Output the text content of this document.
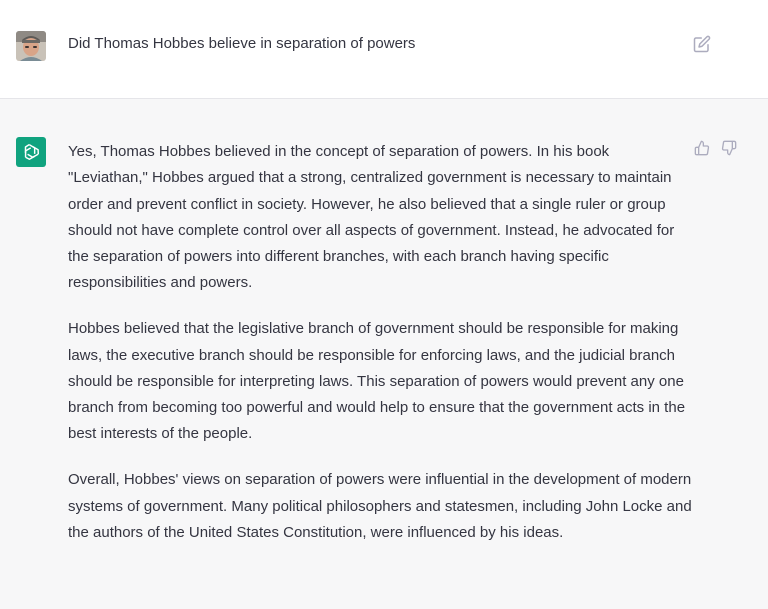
Did Thomas Hobbes believe in separation of powers

Yes, Thomas Hobbes believed in the concept of separation of powers. In his book "Leviathan," Hobbes argued that a strong, centralized government is necessary to maintain order and prevent conflict in society. However, he also believed that a single ruler or group should not have complete control over all aspects of government. Instead, he advocated for the separation of powers into different branches, with each branch having specific responsibilities and powers.

Hobbes believed that the legislative branch of government should be responsible for making laws, the executive branch should be responsible for enforcing laws, and the judicial branch should be responsible for interpreting laws. This separation of powers would prevent any one branch from becoming too powerful and would help to ensure that the government acts in the best interests of the people.

Overall, Hobbes' views on separation of powers were influential in the development of modern systems of government. Many political philosophers and statesmen, including John Locke and the authors of the United States Constitution, were influenced by his ideas.
